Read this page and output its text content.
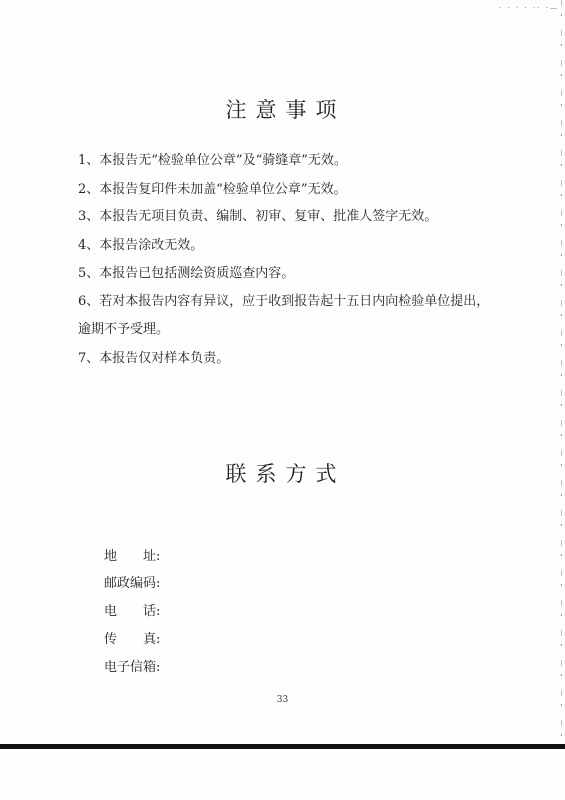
· · · · ·- ·—
注意事项
1、本报告无“检验单位公章”及“骑缝章”无效。
2、本报告复印件未加盖“检验单位公章”无效。
3、本报告无项目负责、编制、初审、复审、批准人签字无效。
4、本报告涂改无效。
5、本报告已包括测绘资质巡查内容。
6、若对本报告内容有异议，应于收到报告起十五日内向检验单位提出，
逾期不予受理。
7、本报告仅对样本负责。
联系方式
地　　址:
邮政编码:
电　　话:
传　　真:
电子信箱:
33
